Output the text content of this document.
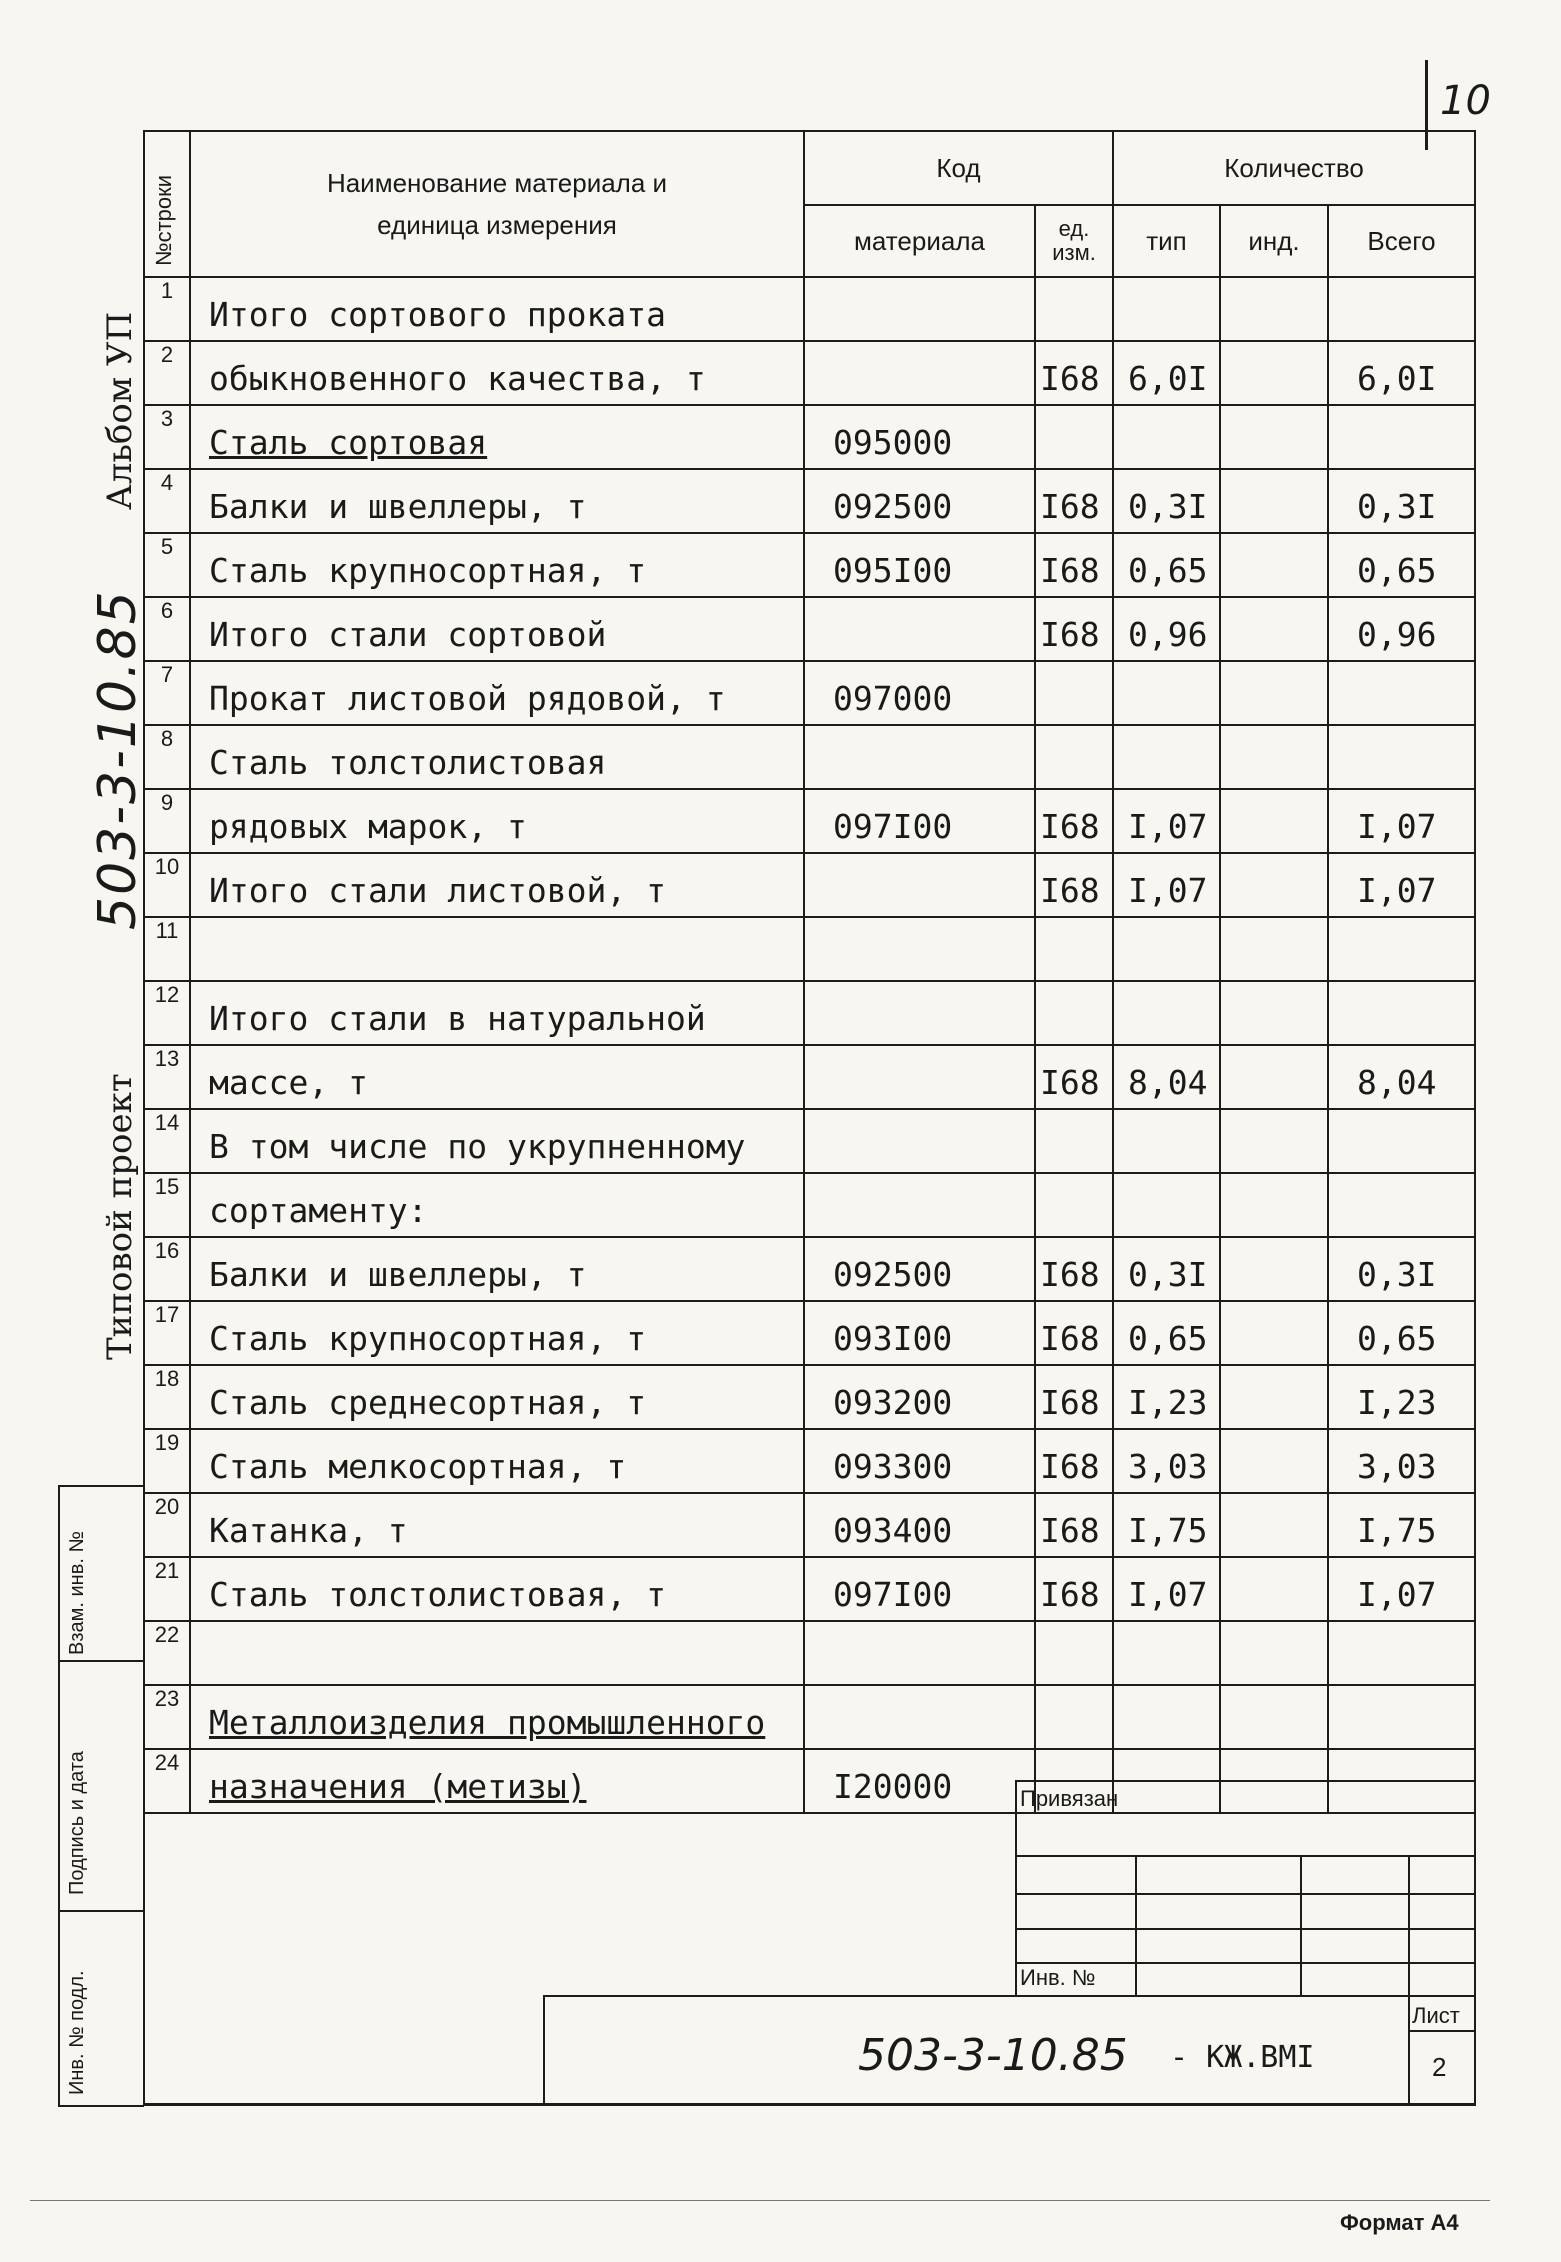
10
Альбом УП
503-3-10.85
Типовой проект
Взам. инв. №
Подпись и дата
Инв. № подл.
№строки	Наименование материала и единица измерения	Код		Количество		
		материала	ед. изм.	тип	инд.	Всего
1	Итого сортового проката					
2	обыкновенного качества, т		I68	6,0I		6,0I
3	Сталь сортовая	095000				
4	Балки и швеллеры, т	092500	I68	0,3I		0,3I
5	Сталь крупносортная, т	095I00	I68	0,65		0,65
6	Итого стали сортовой		I68	0,96		0,96
7	Прокат листовой рядовой, т	097000				
8	Сталь толстолистовая					
9	рядовых марок, т	097I00	I68	I,07		I,07
10	Итого стали листовой, т		I68	I,07		I,07
11						
12	Итого стали в натуральной					
13	массе, т		I68	8,04		8,04
14	В том числе по укрупненному					
15	сортаменту:					
16	Балки и швеллеры, т	092500	I68	0,3I		0,3I
17	Сталь крупносортная, т	093I00	I68	0,65		0,65
18	Сталь среднесортная, т	093200	I68	I,23		I,23
19	Сталь мелкосортная, т	093300	I68	3,03		3,03
20	Катанка, т	093400	I68	I,75		I,75
21	Сталь толстолистовая, т	097I00	I68	I,07		I,07
22						
23	Металлоизделия промышленного					
24	назначения (метизы)	I20000					Привязан
Инв. №
503-3-10.85 - КЖ.ВМI
Лист
2
Формат А4
